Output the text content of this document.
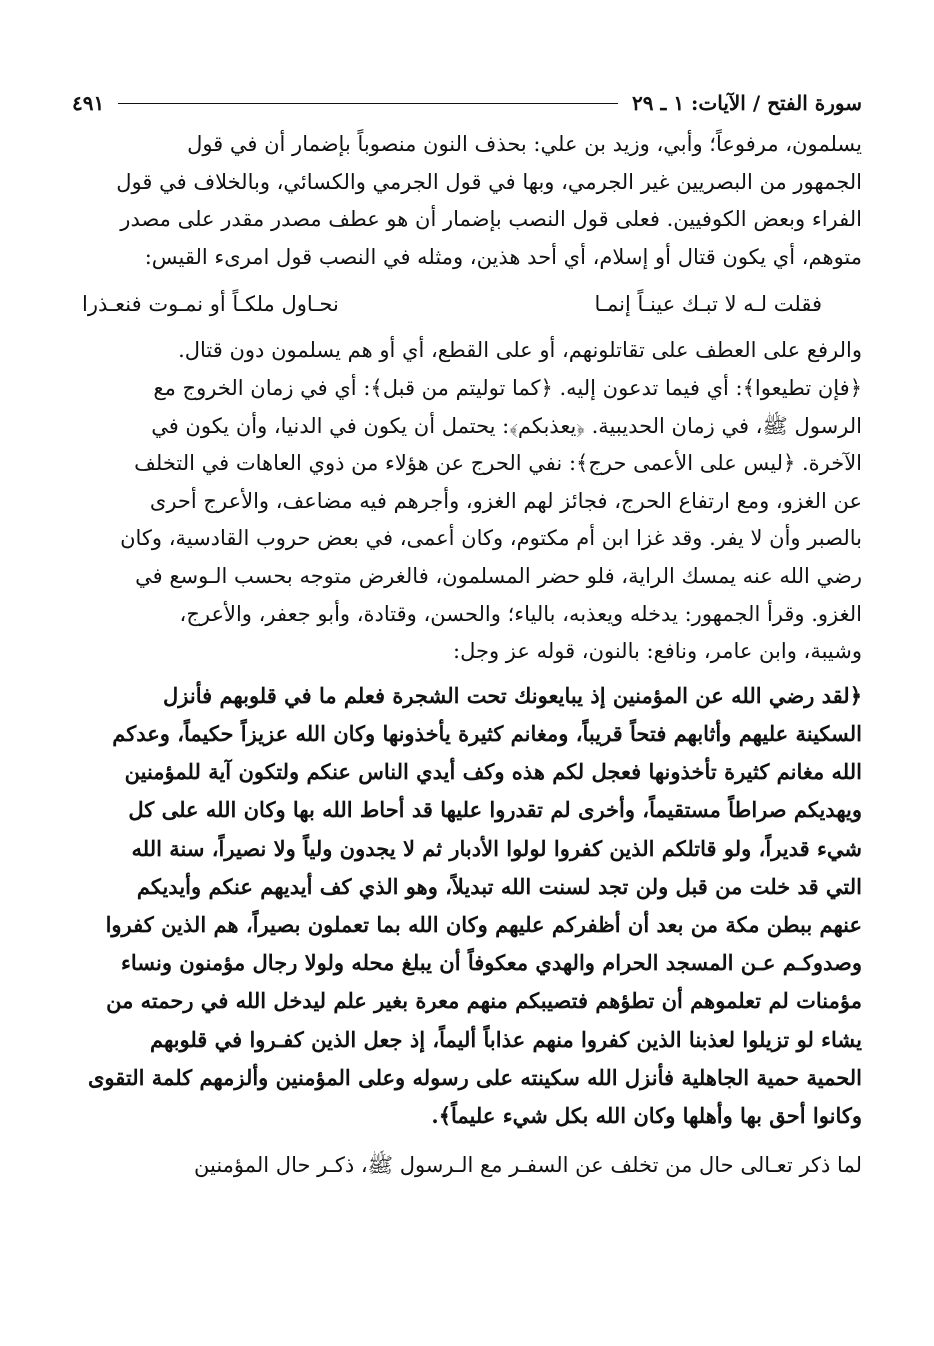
سورة الفتح / الآيات: ١ ـ ٢٩
٤٩١

يسلمون، مرفوعاً؛ وأبي، وزيد بن علي: بحذف النون منصوباً بإضمار أن في قول

الجمهور من البصريين غير الجرمي، وبها في قول الجرمي والكسائي، وبالخلاف في قول

الفراء وبعض الكوفيين. فعلى قول النصب بإضمار أن هو عطف مصدر مقدر على مصدر

متوهم، أي يكون قتال أو إسلام، أي أحد هذين، ومثله في النصب قول امرىء القيس:

فقلت لـه لا تبـك عينـاً إنمـا
نحـاول ملكـاً أو نمـوت فنعـذرا

والرفع على العطف على تقاتلونهم، أو على القطع، أي أو هم يسلمون دون قتال.

﴿فإن تطيعوا﴾: أي فيما تدعون إليه. ﴿كما توليتم من قبل﴾: أي في زمان الخروج مع

الرسول ﷺ، في زمان الحديبية. ﴿يعذبكم﴾: يحتمل أن يكون في الدنيا، وأن يكون في

الآخرة. ﴿ليس على الأعمى حرج﴾: نفي الحرج عن هؤلاء من ذوي العاهات في التخلف

عن الغزو، ومع ارتفاع الحرج، فجائز لهم الغزو، وأجرهم فيه مضاعف، والأعرج أحرى

بالصبر وأن لا يفر. وقد غزا ابن أم مكتوم، وكان أعمى، في بعض حروب القادسية، وكان

رضي الله عنه يمسك الراية، فلو حضر المسلمون، فالغرض متوجه بحسب الـوسع في

الغزو. وقرأ الجمهور: يدخله ويعذبه، بالياء؛ والحسن، وقتادة، وأبو جعفر، والأعرج،

وشيبة، وابن عامر، ونافع: بالنون، قوله عز وجل:

﴿لقد رضي الله عن المؤمنين إذ يبايعونك تحت الشجرة فعلم ما في قلوبهم فأنزل

السكينة عليهم وأثابهم فتحاً قريباً، ومغانم كثيرة يأخذونها وكان الله عزيزاً حكيماً، وعدكم

الله مغانم كثيرة تأخذونها فعجل لكم هذه وكف أيدي الناس عنكم ولتكون آية للمؤمنين

ويهديكم صراطاً مستقيماً، وأخرى لم تقدروا عليها قد أحاط الله بها وكان الله على كل

شيء قديراً، ولو قاتلكم الذين كفروا لولوا الأدبار ثم لا يجدون ولياً ولا نصيراً، سنة الله

التي قد خلت من قبل ولن تجد لسنت الله تبديلاً، وهو الذي كف أيديهم عنكم وأيديكم

عنهم ببطن مكة من بعد أن أظفركم عليهم وكان الله بما تعملون بصيراً، هم الذين كفروا

وصدوكـم عـن المسجد الحرام والهدي معكوفاً أن يبلغ محله ولولا رجال مؤمنون ونساء

مؤمنات لم تعلموهم أن تطؤهم فتصيبكم منهم معرة بغير علم ليدخل الله في رحمته من

يشاء لو تزيلوا لعذبنا الذين كفروا منهم عذاباً أليماً، إذ جعل الذين كفـروا في قلوبهم

الحمية حمية الجاهلية فأنزل الله سكينته على رسوله وعلى المؤمنين وألزمهم كلمة التقوى

وكانوا أحق بها وأهلها وكان الله بكل شيء عليماً﴾.

لما ذكر تعـالى حال من تخلف عن السفـر مع الـرسول ﷺ، ذكـر حال المؤمنين
